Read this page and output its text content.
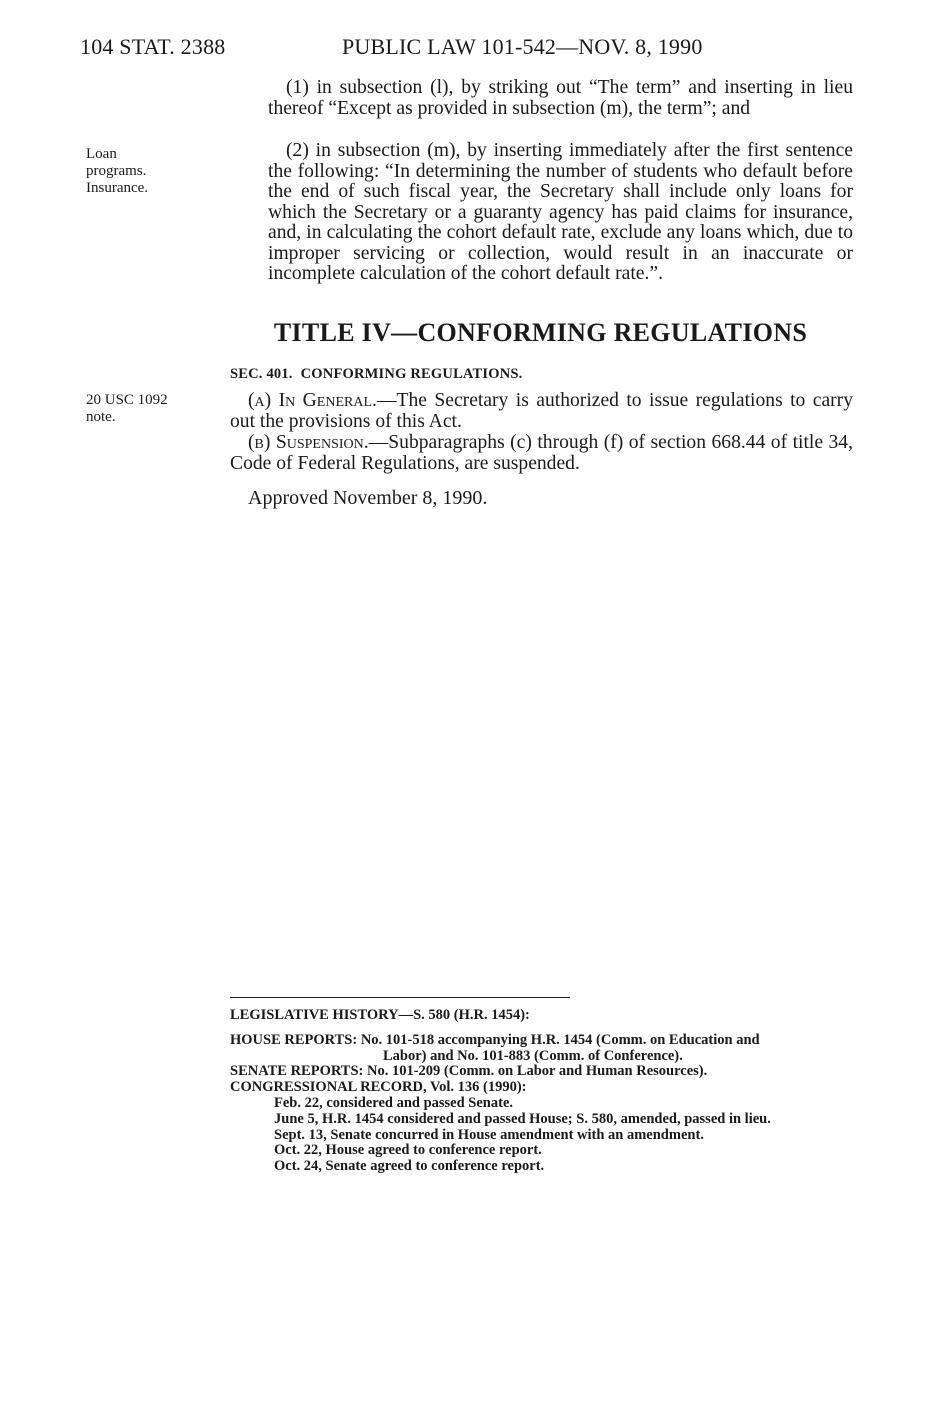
104 STAT. 2388	PUBLIC LAW 101-542—NOV. 8, 1990
Loan
programs.
Insurance.
20 USC 1092
note.
(1) in subsection (l), by striking out “The term” and inserting in lieu thereof “Except as provided in subsection (m), the term”; and
(2) in subsection (m), by inserting immediately after the first sentence the following: “In determining the number of students who default before the end of such fiscal year, the Secretary shall include only loans for which the Secretary or a guaranty agency has paid claims for insurance, and, in calculating the cohort default rate, exclude any loans which, due to improper servicing or collection, would result in an inaccurate or incomplete calculation of the cohort default rate.”.
TITLE IV—CONFORMING REGULATIONS
SEC. 401. CONFORMING REGULATIONS.
(a) In General.—The Secretary is authorized to issue regulations to carry out the provisions of this Act.
(b) Suspension.—Subparagraphs (c) through (f) of section 668.44 of title 34, Code of Federal Regulations, are suspended.
Approved November 8, 1990.
LEGISLATIVE HISTORY—S. 580 (H.R. 1454):
HOUSE REPORTS: No. 101-518 accompanying H.R. 1454 (Comm. on Education and
Labor) and No. 101-883 (Comm. of Conference).
SENATE REPORTS: No. 101-209 (Comm. on Labor and Human Resources).
CONGRESSIONAL RECORD, Vol. 136 (1990):
Feb. 22, considered and passed Senate.
June 5, H.R. 1454 considered and passed House; S. 580, amended, passed in lieu.
Sept. 13, Senate concurred in House amendment with an amendment.
Oct. 22, House agreed to conference report.
Oct. 24, Senate agreed to conference report.
